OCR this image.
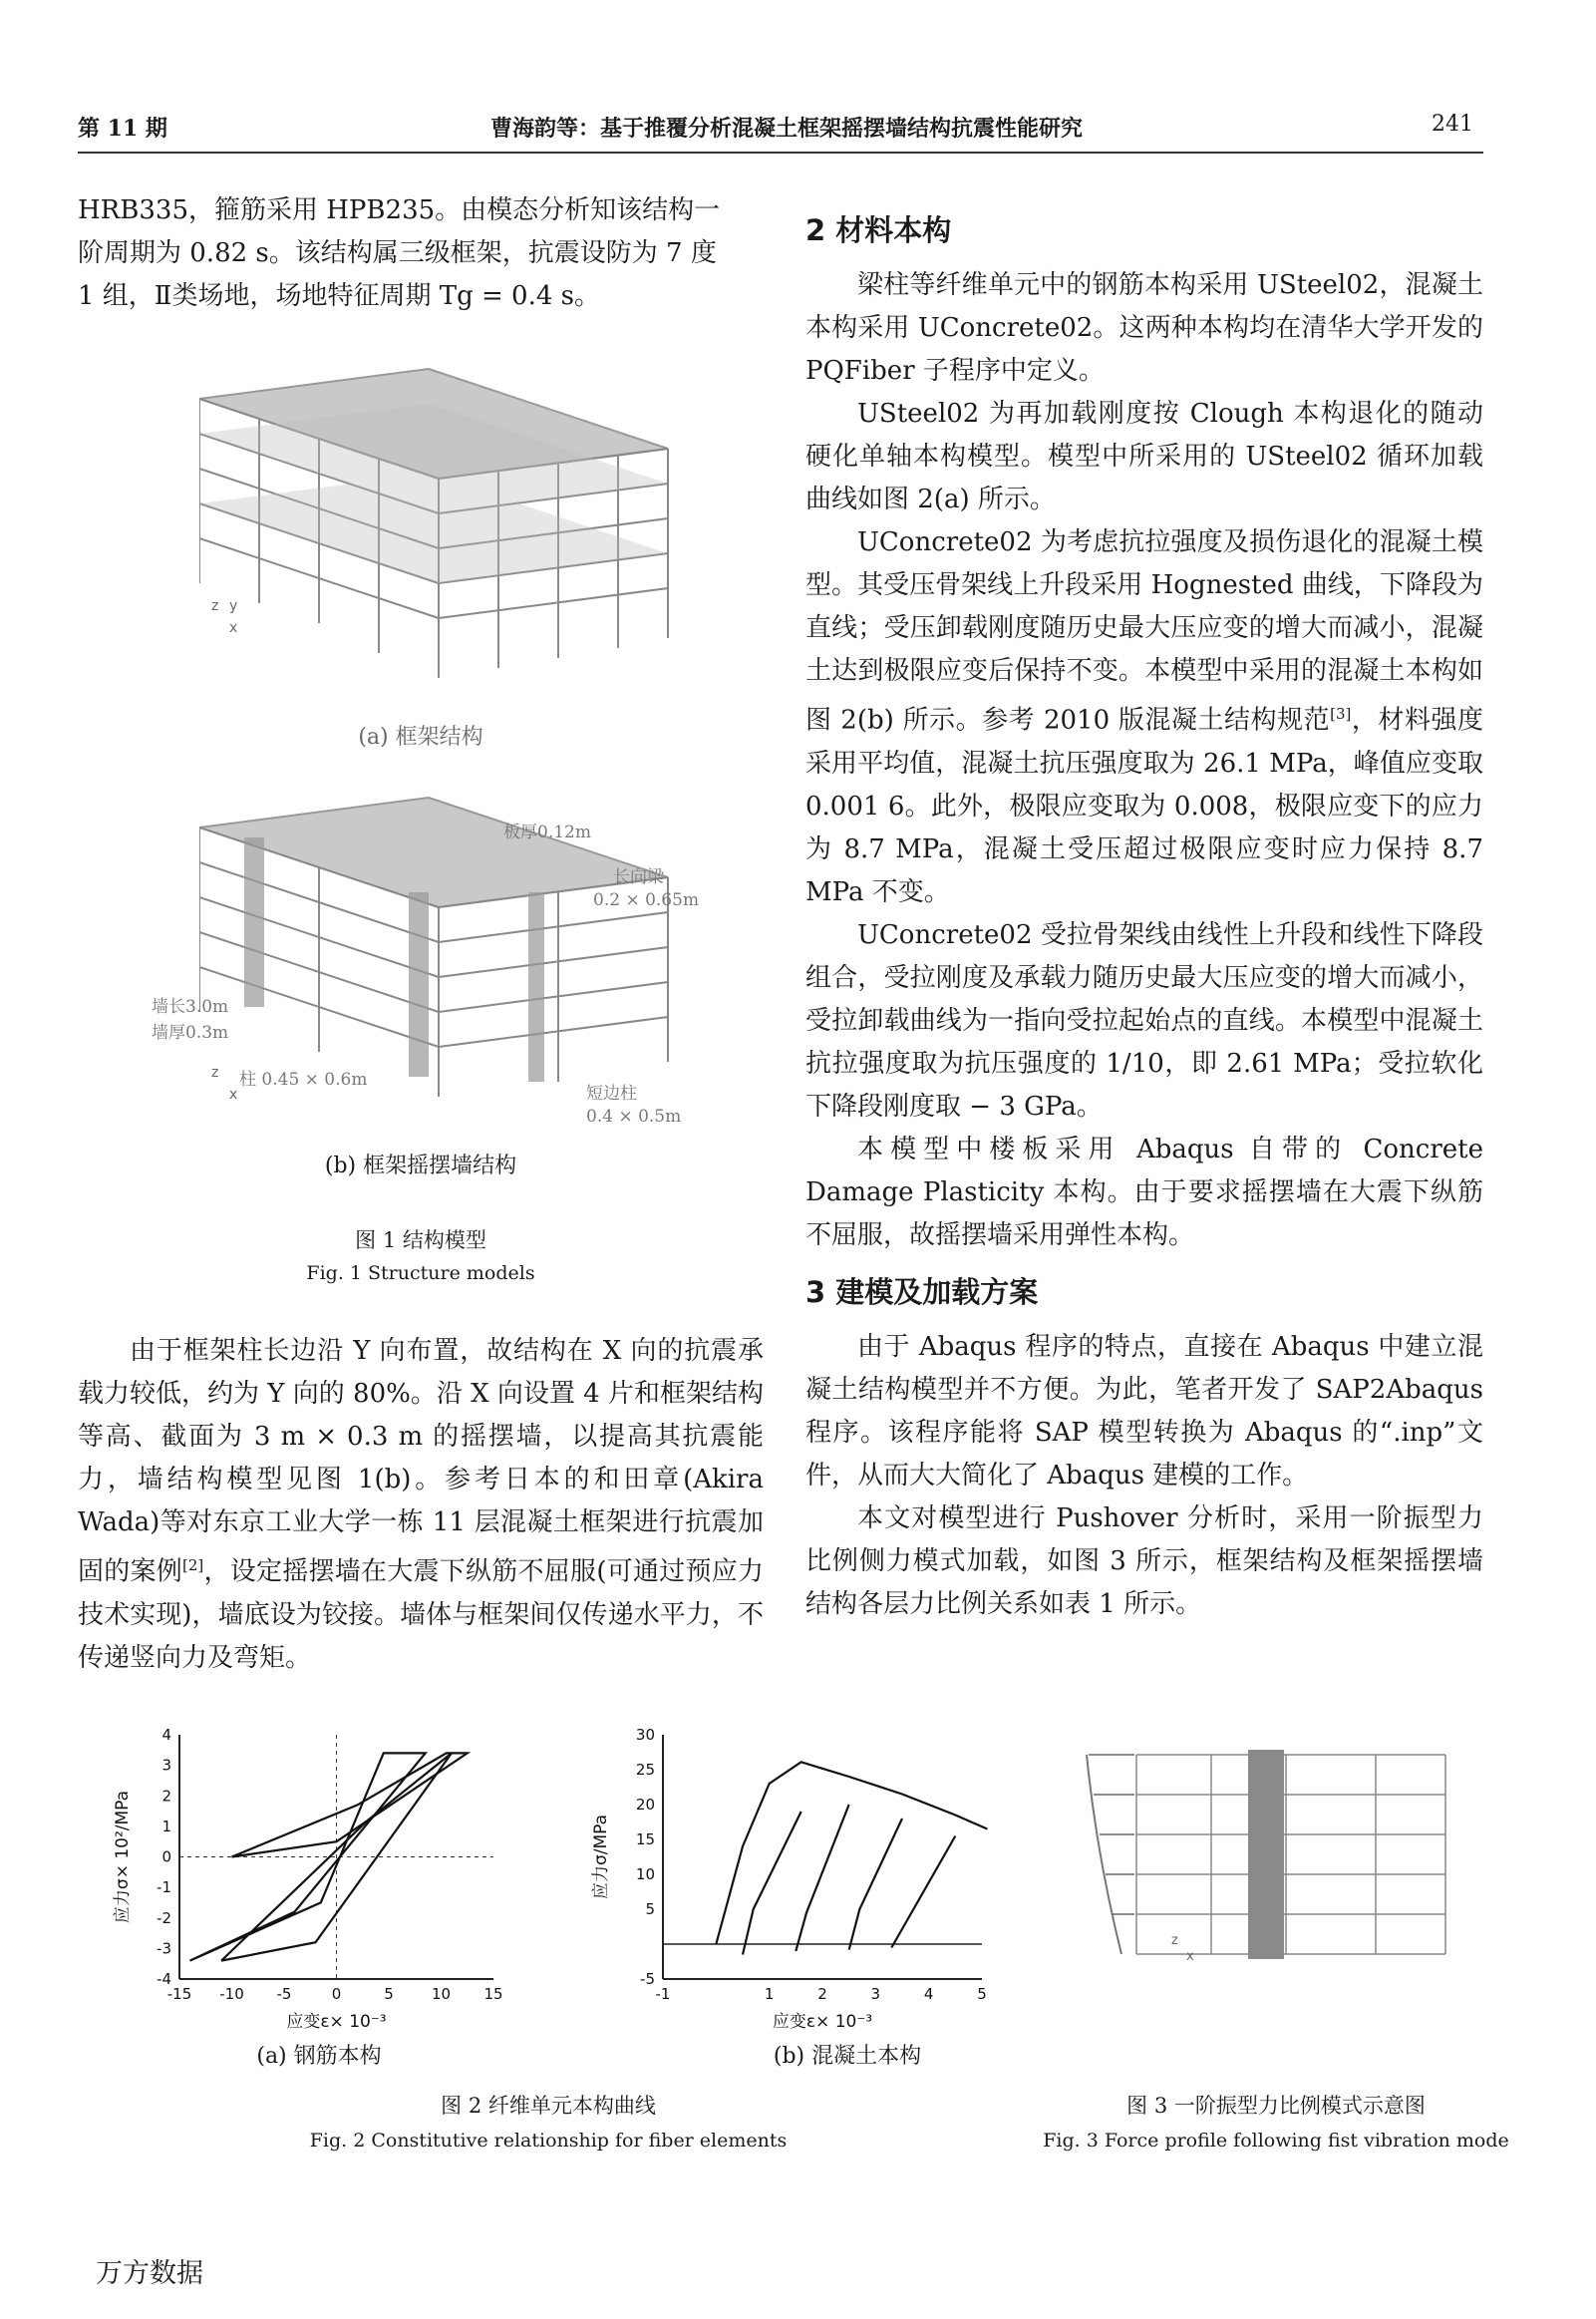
第 11 期	曹海韵等：基于推覆分析混凝土框架摇摆墙结构抗震性能研究	241
HRB335，箍筋采用 HPB235。由模态分析知该结构一
阶周期为 0.82 s。该结构属三级框架，抗震设防为 7 度
1 组，Ⅱ类场地，场地特征周期 Tg = 0.4 s。
z y
x
(a) 框架结构
z
x
板厚0.12m
长向梁
0.2 × 0.65m
墙长3.0m
墙厚0.3m
柱 0.45 × 0.6m
短边柱
0.4 × 0.5m
(b) 框架摇摆墙结构
图 1 结构模型
Fig. 1 Structure models

由于框架柱长边沿 Y 向布置，故结构在 X 向的抗震承载力较低，约为 Y 向的 80%。沿 X 向设置 4 片和框架结构等高、截面为 3 m × 0.3 m 的摇摆墙，以提高其抗震能力，墙结构模型见图 1(b)。参考日本的和田章(Akira Wada)等对东京工业大学一栋 11 层混凝土框架进行抗震加固的案例[2]，设定摇摆墙在大震下纵筋不屈服(可通过预应力技术实现)，墙底设为铰接。墙体与框架间仅传递水平力，不传递竖向力及弯矩。

2 材料本构

梁柱等纤维单元中的钢筋本构采用 USteel02，混凝土本构采用 UConcrete02。这两种本构均在清华大学开发的 PQFiber 子程序中定义。

USteel02 为再加载刚度按 Clough 本构退化的随动硬化单轴本构模型。模型中所采用的 USteel02 循环加载曲线如图 2(a) 所示。

UConcrete02 为考虑抗拉强度及损伤退化的混凝土模型。其受压骨架线上升段采用 Hognested 曲线，下降段为直线；受压卸载刚度随历史最大压应变的增大而减小，混凝土达到极限应变后保持不变。本模型中采用的混凝土本构如图 2(b) 所示。参考 2010 版混凝土结构规范[3]，材料强度采用平均值，混凝土抗压强度取为 26.1 MPa，峰值应变取 0.001 6。此外，极限应变取为 0.008，极限应变下的应力为 8.7 MPa，混凝土受压超过极限应变时应力保持 8.7 MPa 不变。

UConcrete02 受拉骨架线由线性上升段和线性下降段组合，受拉刚度及承载力随历史最大压应变的增大而减小，受拉卸载曲线为一指向受拉起始点的直线。本模型中混凝土抗拉强度取为抗压强度的 1/10，即 2.61 MPa；受拉软化下降段刚度取 − 3 GPa。

本模型中楼板采用 Abaqus 自带的 Concrete Damage Plasticity 本构。由于要求摇摆墙在大震下纵筋不屈服，故摇摆墙采用弹性本构。

3 建模及加载方案

由于 Abaqus 程序的特点，直接在 Abaqus 中建立混凝土结构模型并不方便。为此，笔者开发了 SAP2Abaqus 程序。该程序能将 SAP 模型转换为 Abaqus 的“.inp”文件，从而大大简化了 Abaqus 建模的工作。

本文对模型进行 Pushover 分析时，采用一阶振型力比例侧力模式加载，如图 3 所示，框架结构及框架摇摆墙结构各层力比例关系如表 1 所示。

-15 -10 -5	0	5	10 15
4
3
2
1
0
-1
-2
-3
-4
应变ε× 10⁻³
应力σ× 10²/MPa
(a) 钢筋本构
-1	1	2	3	4	5
30
25
20
15
10
5
-5
应变ε× 10⁻³
应力σ/MPa
(b) 混凝土本构
图 2 纤维单元本构曲线
Fig. 2 Constitutive relationship for fiber elements
z
x
图 3 一阶振型力比例模式示意图
Fig. 3 Force profile following fist vibration mode
万方数据
